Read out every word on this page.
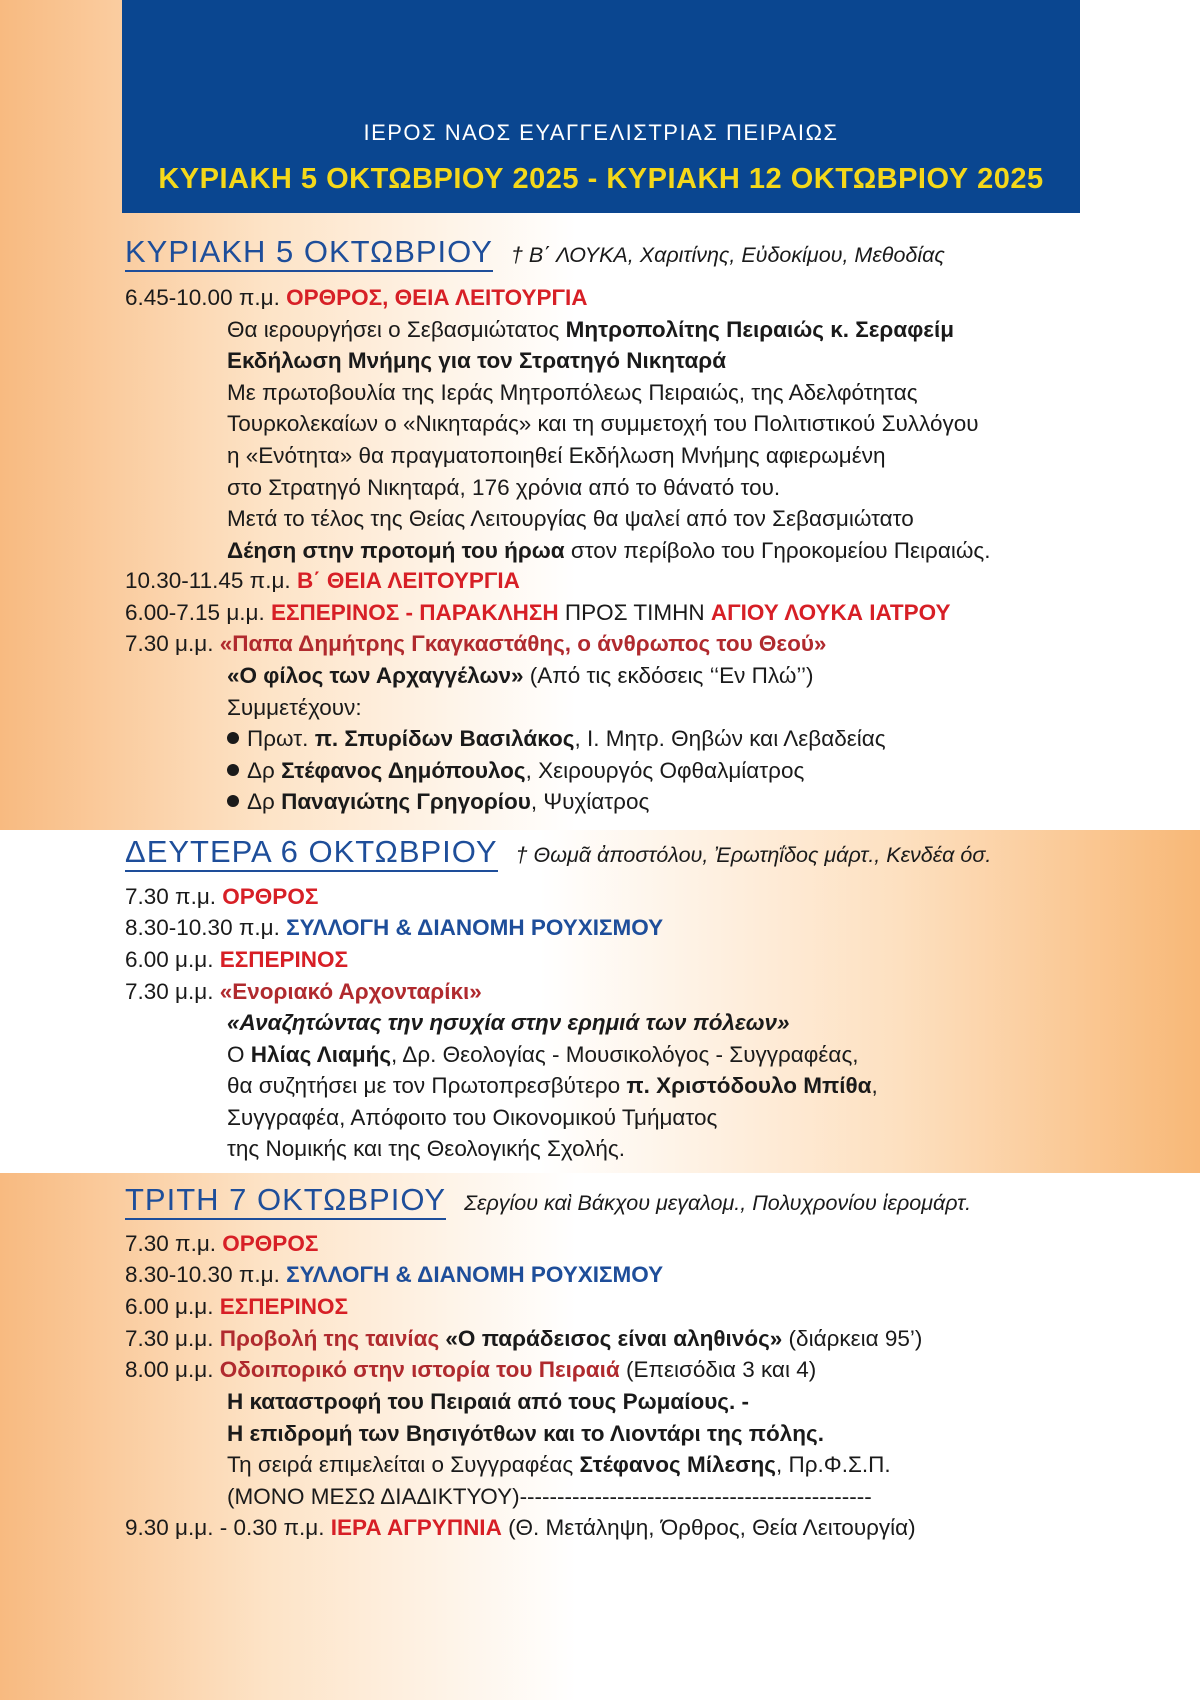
ΙΕΡΟΣ ΝΑΟΣ ΕΥΑΓΓΕΛΙΣΤΡΙΑΣ ΠΕΙΡΑΙΩΣ
ΚΥΡΙΑΚΗ 5 ΟΚΤΩΒΡΙΟΥ 2025 - ΚΥΡΙΑΚΗ 12 ΟΚΤΩΒΡΙΟΥ 2025
ΚΥΡΙΑΚΗ 5 ΟΚΤΩΒΡΙΟΥ † Β΄ ΛΟΥΚΑ, Χαριτίνης, Εὐδοκίμου, Μεθοδίας
6.45-10.00 π.μ. ΟΡΘΡΟΣ, ΘΕΙΑ ΛΕΙΤΟΥΡΓΙΑ
Θα ιερουργήσει ο Σεβασμιώτατος Μητροπολίτης Πειραιώς κ. Σεραφείμ
Εκδήλωση Μνήμης για τον Στρατηγό Νικηταρά
Με πρωτοβουλία της Ιεράς Μητροπόλεως Πειραιώς, της Αδελφότητας
Τουρκολεκαίων ο «Νικηταράς» και τη συμμετοχή του Πολιτιστικού Συλλόγου
η «Ενότητα» θα πραγματοποιηθεί Εκδήλωση Μνήμης αφιερωμένη
στο Στρατηγό Νικηταρά, 176 χρόνια από το θάνατό του.
Μετά το τέλος της Θείας Λειτουργίας θα ψαλεί από τον Σεβασμιώτατο
Δέηση στην προτομή του ήρωα στον περίβολο του Γηροκομείου Πειραιώς.
10.30-11.45 π.μ. Β΄ ΘΕΙΑ ΛΕΙΤΟΥΡΓΙΑ
6.00-7.15 μ.μ. ΕΣΠΕΡΙΝΟΣ - ΠΑΡΑΚΛΗΣΗ ΠΡΟΣ ΤΙΜΗΝ ΑΓΙΟΥ ΛΟΥΚΑ ΙΑΤΡΟΥ
7.30 μ.μ. «Παπα Δημήτρης Γκαγκαστάθης, ο άνθρωπος του Θεού»
«Ο φίλος των Αρχαγγέλων» (Από τις εκδόσεις ‘‘Εν Πλώ’’)
Συμμετέχουν:
Πρωτ. π. Σπυρίδων Βασιλάκος, Ι. Μητρ. Θηβών και Λεβαδείας
Δρ Στέφανος Δημόπουλος, Χειρουργός Οφθαλμίατρος
Δρ Παναγιώτης Γρηγορίου, Ψυχίατρος
ΔΕΥΤΕΡΑ 6 ΟΚΤΩΒΡΙΟΥ † Θωμᾶ ἀποστόλου, Ἐρωτηΐδος μάρτ., Κενδέα όσ.
7.30 π.μ. ΟΡΘΡΟΣ
8.30-10.30 π.μ. ΣΥΛΛΟΓΗ & ΔΙΑΝΟΜΗ ΡΟΥΧΙΣΜΟΥ
6.00 μ.μ. ΕΣΠΕΡΙΝΟΣ
7.30 μ.μ. «Ενοριακό Αρχονταρίκι»
«Αναζητώντας την ησυχία στην ερημιά των πόλεων»
Ο Ηλίας Λιαμής, Δρ. Θεολογίας - Μουσικολόγος - Συγγραφέας,
θα συζητήσει με τον Πρωτοπρεσβύτερο π. Χριστόδουλο Μπίθα,
Συγγραφέα, Απόφοιτο του Οικονομικού Τμήματος
της Νομικής και της Θεολογικής Σχολής.
ΤΡΙΤΗ 7 ΟΚΤΩΒΡΙΟΥ Σεργίου καὶ Βάκχου μεγαλομ., Πολυχρονίου ἱερομάρτ.
7.30 π.μ. ΟΡΘΡΟΣ
8.30-10.30 π.μ. ΣΥΛΛΟΓΗ & ΔΙΑΝΟΜΗ ΡΟΥΧΙΣΜΟΥ
6.00 μ.μ. ΕΣΠΕΡΙΝΟΣ
7.30 μ.μ. Προβολή της ταινίας «Ο παράδεισος είναι αληθινός» (διάρκεια 95’)
8.00 μ.μ. Οδοιπορικό στην ιστορία του Πειραιά (Επεισόδια 3 και 4)
Η καταστροφή του Πειραιά από τους Ρωμαίους. -
Η επιδρομή των Βησιγότθων και το Λιοντάρι της πόλης.
Τη σειρά επιμελείται ο Συγγραφέας Στέφανος Μίλεσης, Πρ.Φ.Σ.Π.
(ΜΟΝΟ ΜΕΣΩ ΔΙΑΔΙΚΤΥΟΥ)-----------------------------------------------
9.30 μ.μ. - 0.30 π.μ. ΙΕΡΑ ΑΓΡΥΠΝΙΑ (Θ. Μετάληψη, Όρθρος, Θεία Λειτουργία)
